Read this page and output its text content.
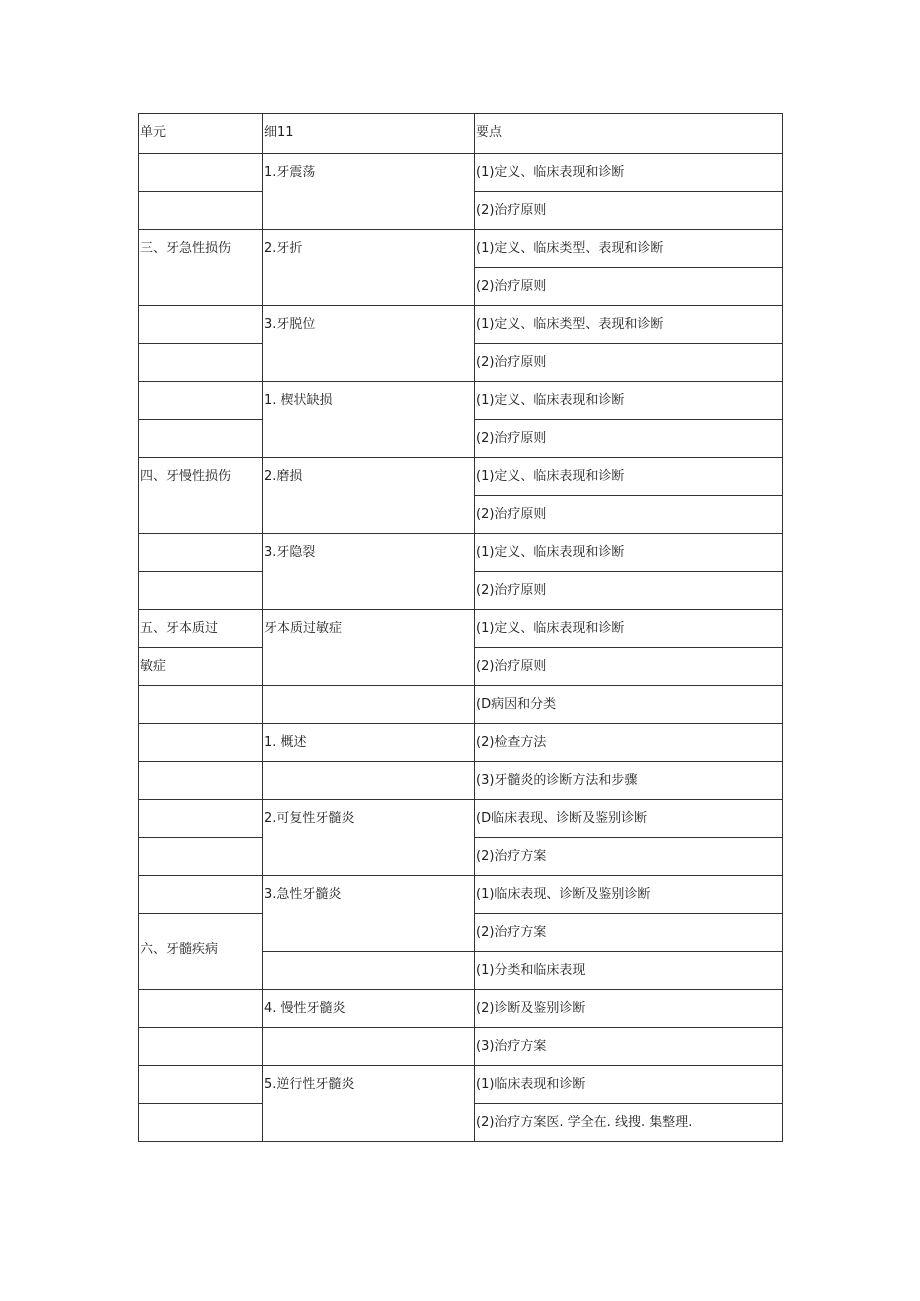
单元	细11	要点

	1.牙震荡	(1)定义、临床表现和诊断

		(2)治疗原则

三、牙急性损伤	2.牙折	(1)定义、临床类型、表现和诊断

		(2)治疗原则

	3.牙脱位	(1)定义、临床类型、表现和诊断

		(2)治疗原则

	1. 楔状缺损	(1)定义、临床表现和诊断

		(2)治疗原则

四、牙慢性损伤	2.磨损	(1)定义、临床表现和诊断

		(2)治疗原则

	3.牙隐裂	(1)定义、临床表现和诊断

		(2)治疗原则

五、牙本质过	牙本质过敏症	(1)定义、临床表现和诊断

敏症		(2)治疗原则

		(D病因和分类

	1. 概述	(2)检查方法

		(3)牙髓炎的诊断方法和步骤

	2.可复性牙髓炎	(D临床表现、诊断及鉴别诊断

		(2)治疗方案

	3.急性牙髓炎	(1)临床表现、诊断及鉴别诊断

六、牙髓疾病		(2)治疗方案

		(1)分类和临床表现

	4. 慢性牙髓炎	(2)诊断及鉴别诊断

		(3)治疗方案

	5.逆行性牙髓炎	(1)临床表现和诊断

		(2)治疗方案医. 学全在. 线搜. 集整理.
